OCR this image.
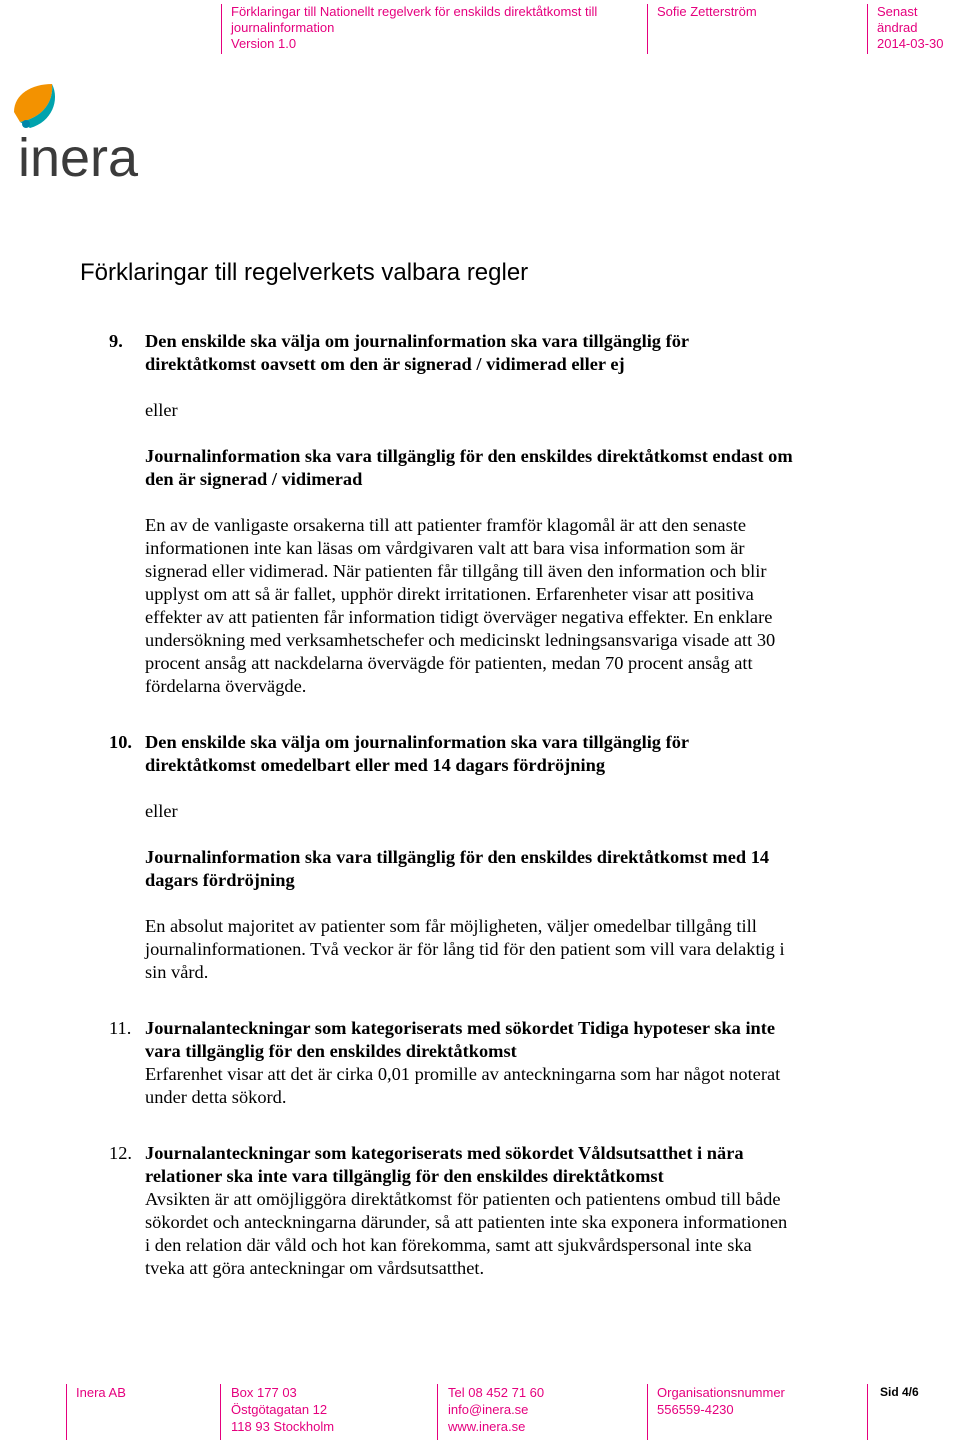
Förklaringar till Nationellt regelverk för enskilds direktåtkomst till
journalinformation
Version 1.0
Sofie Zetterström	Senast ändrad
2014-03-30
inera
Förklaringar till regelverkets valbara regler
9. Den enskilde ska välja om journalinformation ska vara tillgänglig för
direktåtkomst oavsett om den är signerad / vidimerad eller ej

eller

Journalinformation ska vara tillgänglig för den enskildes direktåtkomst endast om
den är signerad / vidimerad

En av de vanligaste orsakerna till att patienter framför klagomål är att den senaste
informationen inte kan läsas om vårdgivaren valt att bara visa information som är
signerad eller vidimerad. När patienten får tillgång till även den information och blir
upplyst om att så är fallet, upphör direkt irritationen. Erfarenheter visar att positiva
effekter av att patienten får information tidigt överväger negativa effekter. En enklare
undersökning med verksamhetschefer och medicinskt ledningsansvariga visade att 30
procent ansåg att nackdelarna övervägde för patienten, medan 70 procent ansåg att
fördelarna övervägde.

10. Den enskilde ska välja om journalinformation ska vara tillgänglig för
direktåtkomst omedelbart eller med 14 dagars fördröjning

eller

Journalinformation ska vara tillgänglig för den enskildes direktåtkomst med 14
dagars fördröjning

En absolut majoritet av patienter som får möjligheten, väljer omedelbar tillgång till
journalinformationen. Två veckor är för lång tid för den patient som vill vara delaktig i
sin vård.

11. Journalanteckningar som kategoriserats med sökordet Tidiga hypoteser ska inte
vara tillgänglig för den enskildes direktåtkomst

Erfarenhet visar att det är cirka 0,01 promille av anteckningarna som har något noterat
under detta sökord.

12. Journalanteckningar som kategoriserats med sökordet Våldsutsatthet i nära
relationer ska inte vara tillgänglig för den enskildes direktåtkomst

Avsikten är att omöjliggöra direktåtkomst för patienten och patientens ombud till både
sökordet och anteckningarna därunder, så att patienten inte ska exponera informationen
i den relation där våld och hot kan förekomma, samt att sjukvårdspersonal inte ska
tveka att göra anteckningar om vårdsutsatthet.

Inera AB	Box 177 03
Östgötagatan 12
118 93 Stockholm
Tel 08 452 71 60
info@inera.se
www.inera.se
Organisationsnummer
556559-4230
Sid 4/6
